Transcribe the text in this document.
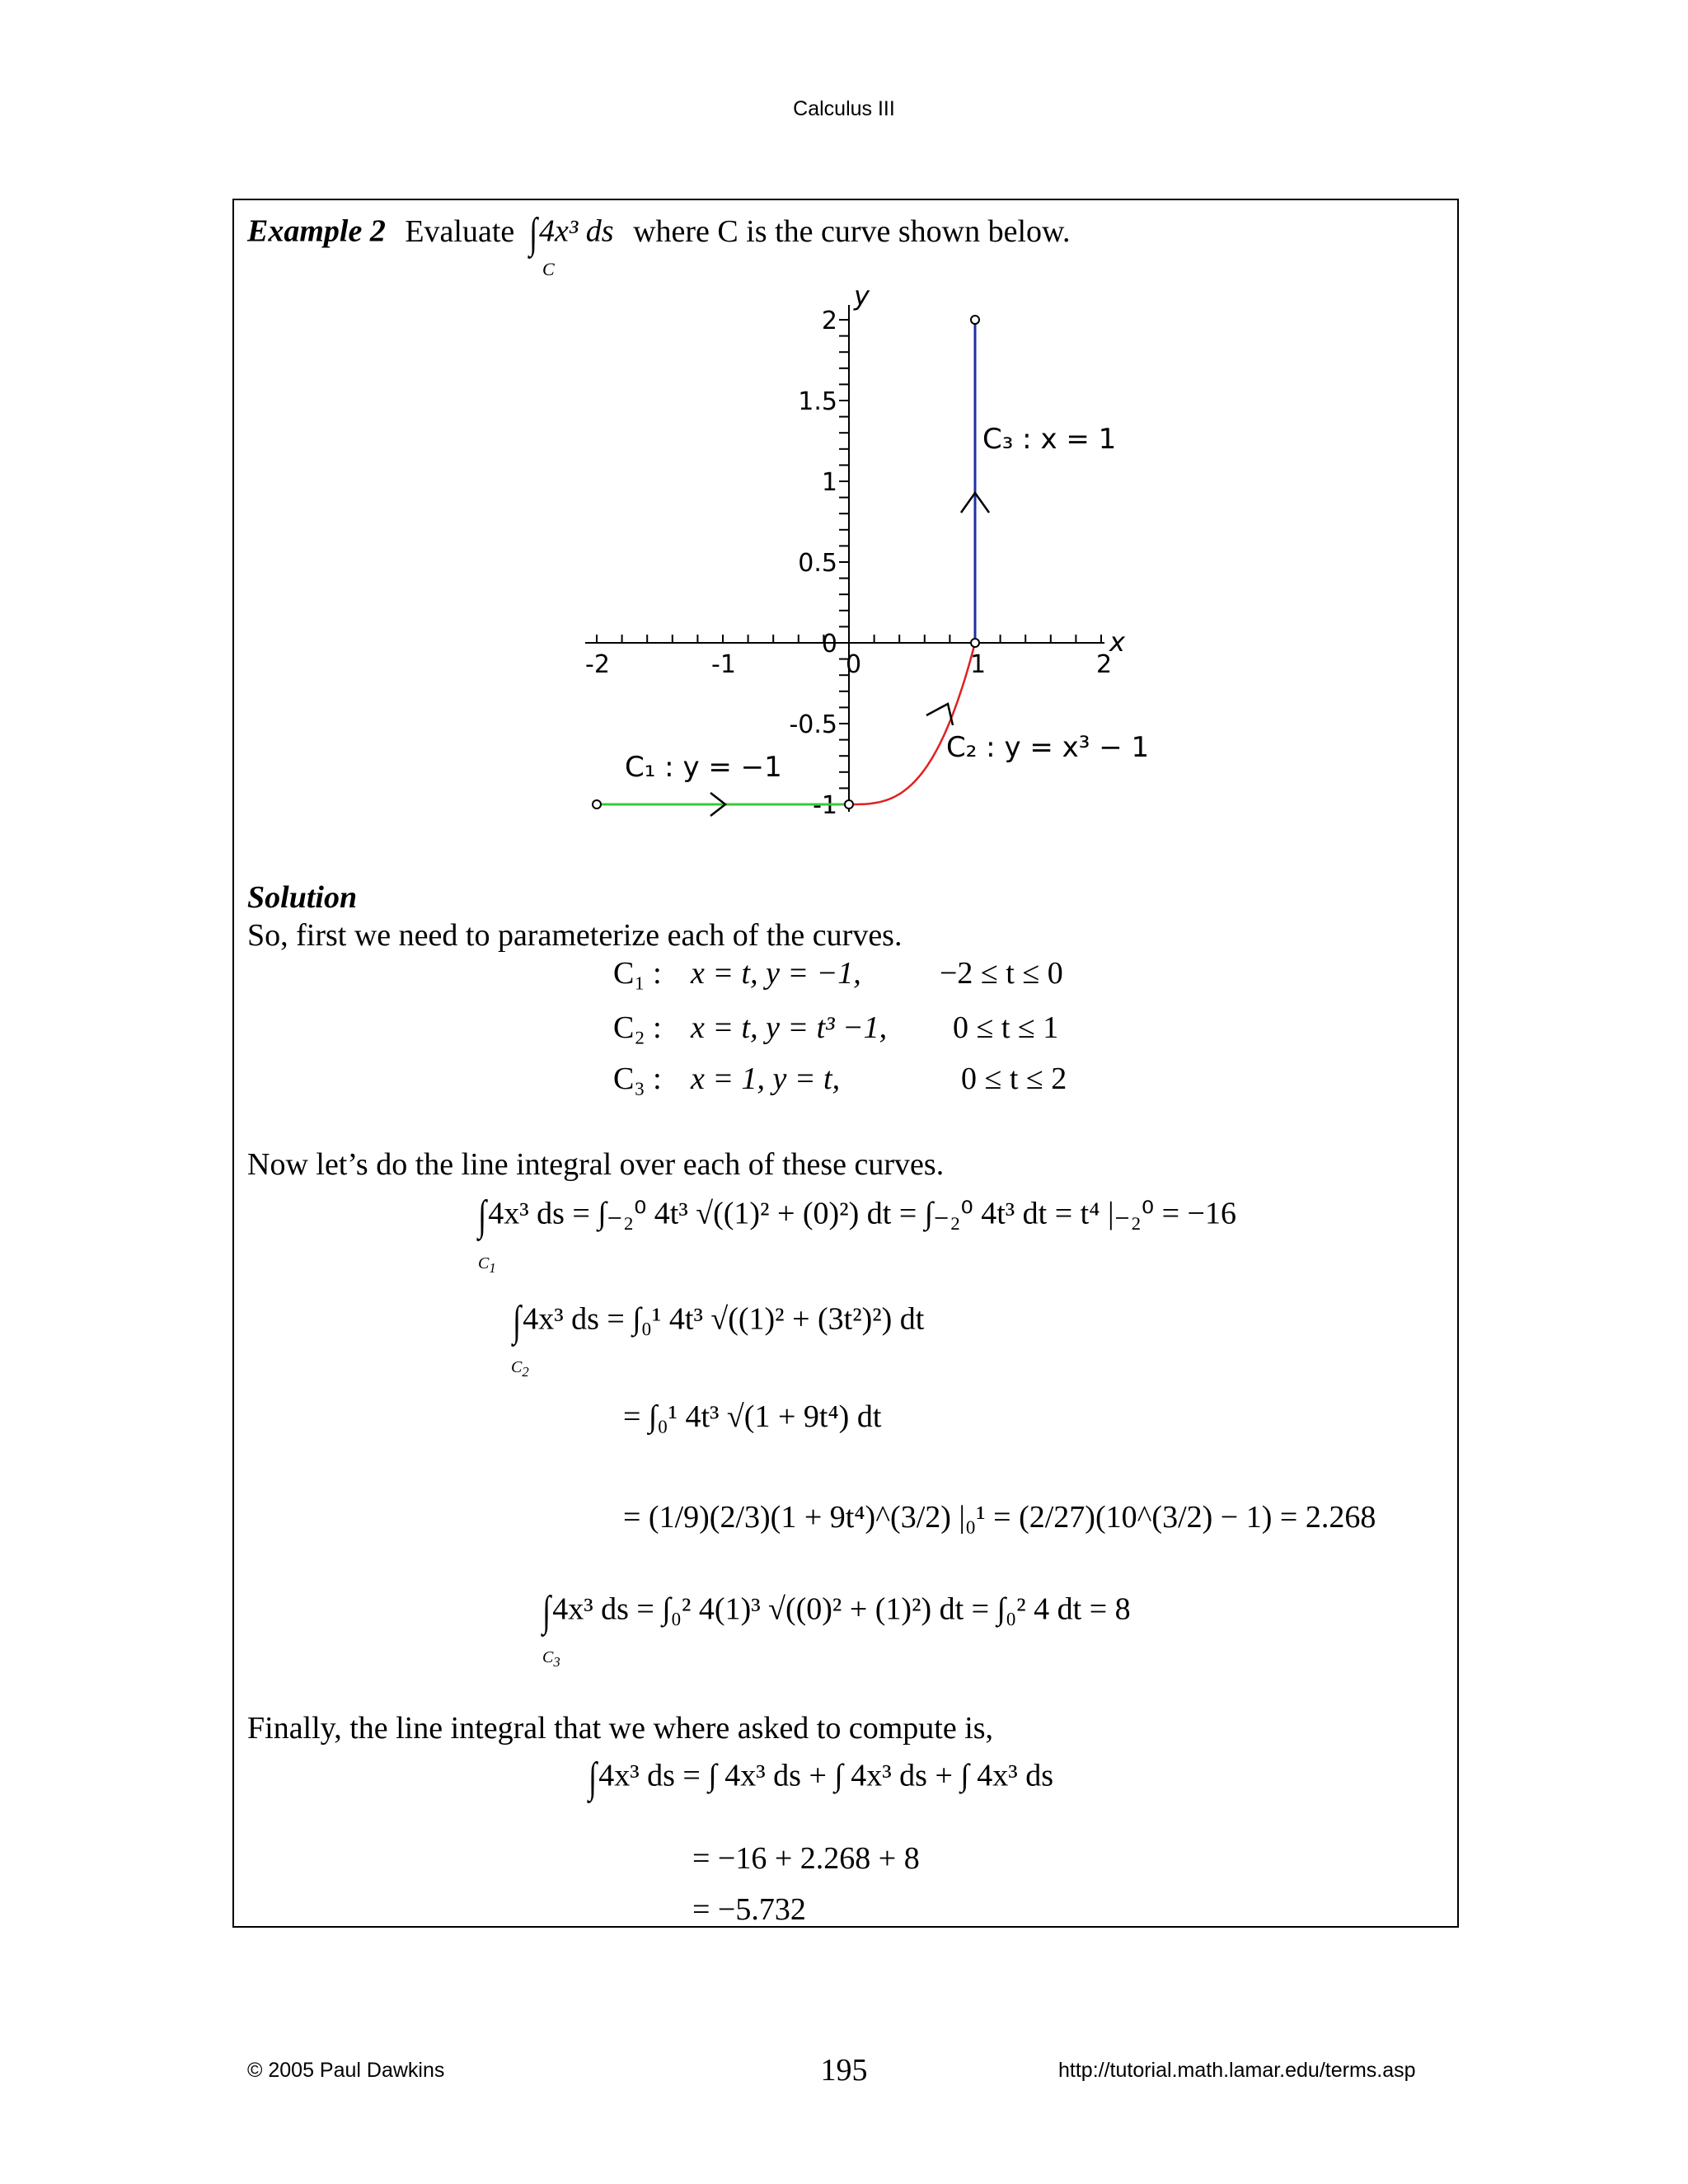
Calculus III
Example 2 Evaluate ∫4x³ ds where C is the curve shown below.
C
-2	-1	0	1	2
2
1.5
1
0.5
0
-0.5
-1
x
y
C₁ : y = −1
C₂ : y = x³ − 1
C₃ : x = 1
Solution
So, first we need to parameterize each of the curves.
C₁ : x = t, y = −1,	−2 ≤ t ≤ 0
C₂ : x = t, y = t³ −1, 0 ≤ t ≤ 1
C₃ : x = 1, y = t,	0 ≤ t ≤ 2
Now let’s do the line integral over each of these curves.
∫4x³ ds = ∫₋₂⁰ 4t³ √((1)² + (0)²) dt = ∫₋₂⁰ 4t³ dt = t⁴ |₋₂⁰ = −16
$C_1$
∫4x³ ds = ∫₀¹ 4t³ √((1)² + (3t²)²) dt
$C_2$
= ∫₀¹ 4t³ √(1 + 9t⁴) dt
= (1/9)(2/3)(1 + 9t⁴)^(3/2) |₀¹ = (2/27)(10^(3/2) − 1) = 2.268
∫4x³ ds = ∫₀² 4(1)³ √((0)² + (1)²) dt = ∫₀² 4 dt = 8
$C_3$
Finally, the line integral that we where asked to compute is,
∫4x³ ds = ∫ 4x³ ds + ∫ 4x³ ds + ∫ 4x³ ds
= −16 + 2.268 + 8
= −5.732
© 2005 Paul Dawkins	195	http://tutorial.math.lamar.edu/terms.asp
